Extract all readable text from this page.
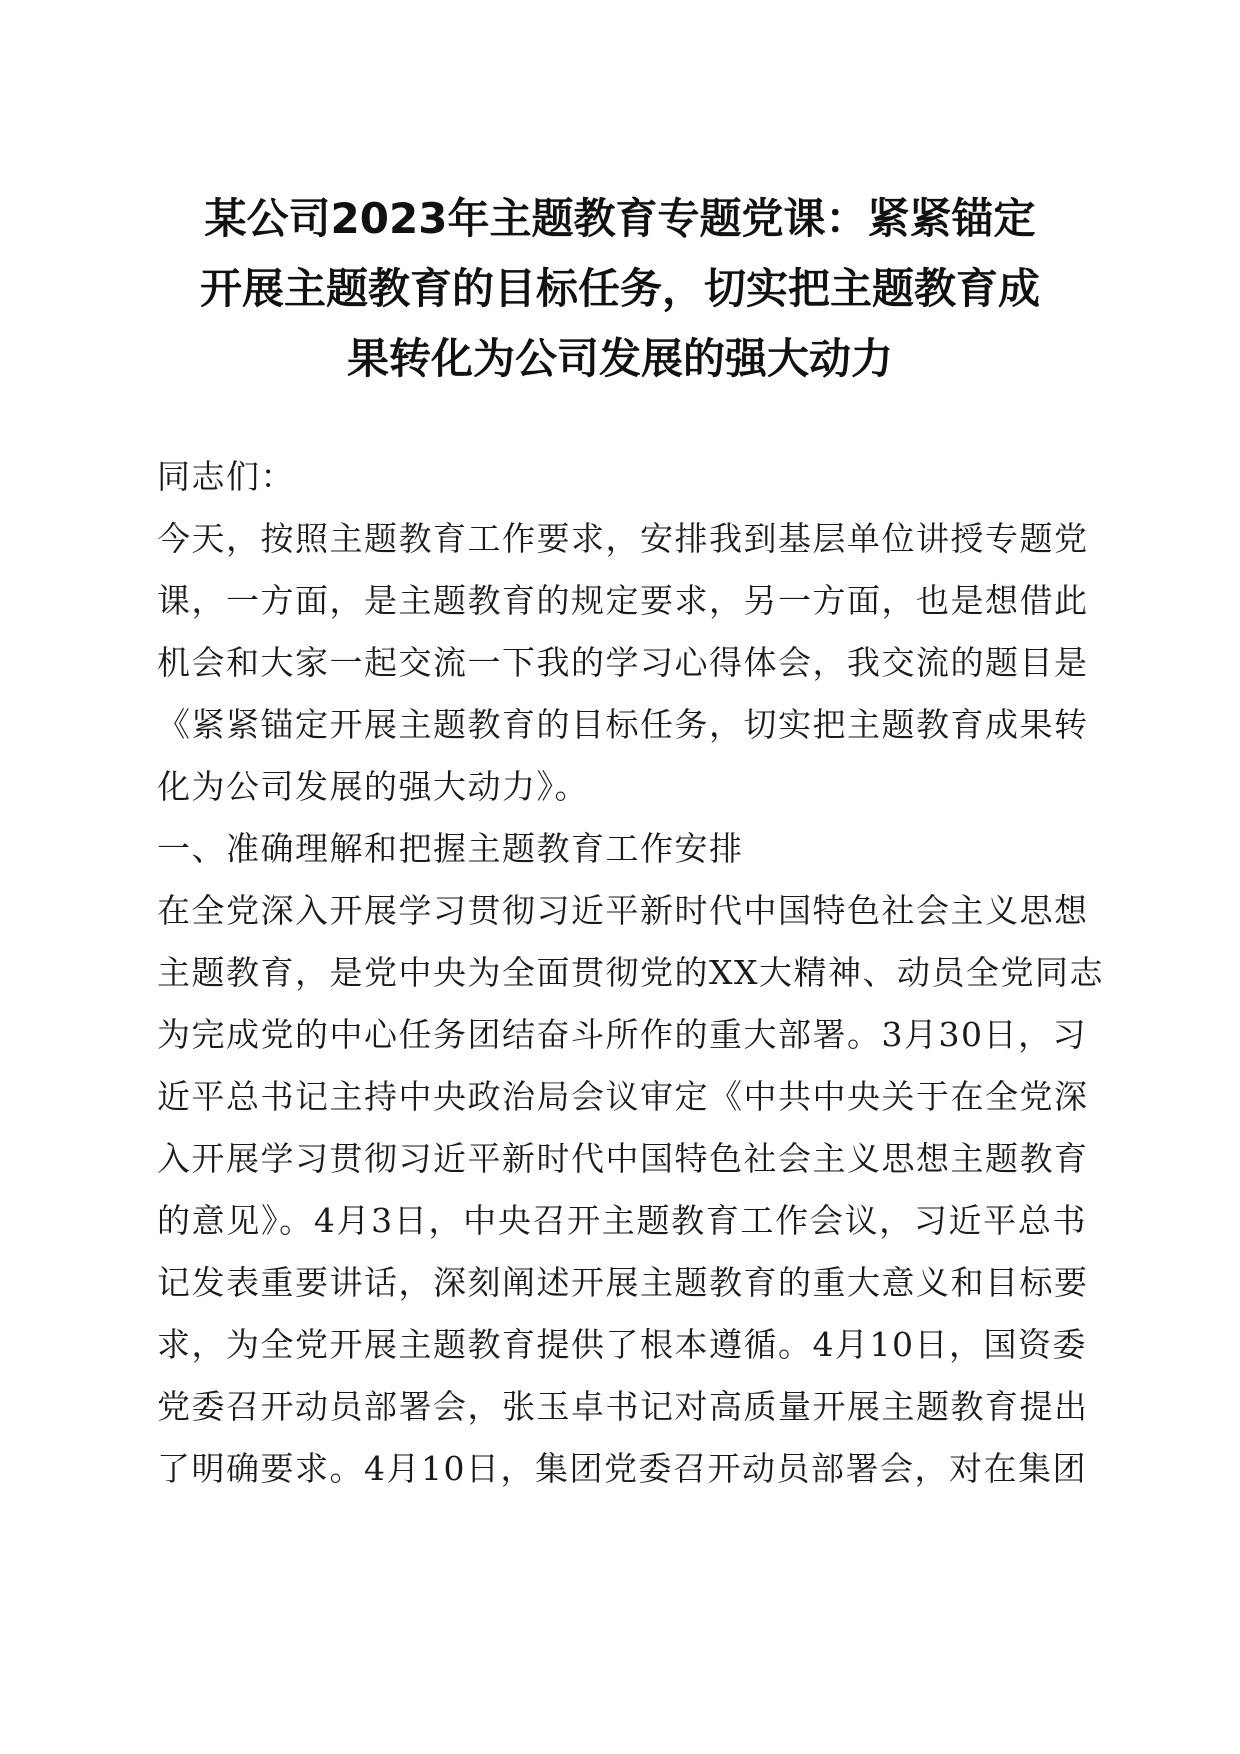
某公司2023年主题教育专题党课：紧紧锚定
开展主题教育的目标任务，切实把主题教育成
果转化为公司发展的强大动力

同志们：

今天，按照主题教育工作要求，安排我到基层单位讲授专题党
课，一方面，是主题教育的规定要求，另一方面，也是想借此
机会和大家一起交流一下我的学习心得体会，我交流的题目是
《紧紧锚定开展主题教育的目标任务，切实把主题教育成果转
化为公司发展的强大动力》。

一、准确理解和把握主题教育工作安排

在全党深入开展学习贯彻习近平新时代中国特色社会主义思想
主题教育，是党中央为全面贯彻党的XX大精神、动员全党同志
为完成党的中心任务团结奋斗所作的重大部署。3月30日，习
近平总书记主持中央政治局会议审定《中共中央关于在全党深
入开展学习贯彻习近平新时代中国特色社会主义思想主题教育
的意见》。4月3日，中央召开主题教育工作会议，习近平总书
记发表重要讲话，深刻阐述开展主题教育的重大意义和目标要
求，为全党开展主题教育提供了根本遵循。4月10日，国资委
党委召开动员部署会，张玉卓书记对高质量开展主题教育提出
了明确要求。4月10日，集团党委召开动员部署会，对在集团
